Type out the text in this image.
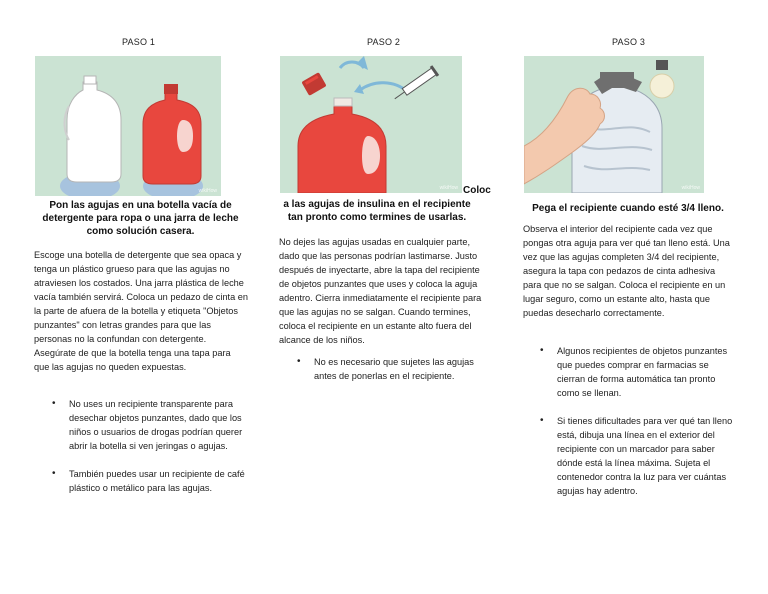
PASO 1
wikiHow
Pon las agujas en una botella vacía de detergente para ropa o una jarra de leche como solución casera.
Escoge una botella de detergente que sea opaca y tenga un plástico grueso para que las agujas no atraviesen los costados. Una jarra plástica de leche vacía también servirá. Coloca un pedazo de cinta en la parte de afuera de la botella y etiqueta "Objetos punzantes" con letras grandes para que las personas no la confundan con detergente. Asegúrate de que la botella tenga una tapa para que las agujas no queden expuestas.
• No uses un recipiente transparente para desechar objetos punzantes, dado que los niños o usuarios de drogas podrían querer abrir la botella si ven jeringas o agujas.
• También puedes usar un recipiente de café plástico o metálico para las agujas.
PASO 2
wikiHow Coloc
a las agujas de insulina en el recipiente tan pronto como termines de usarlas.
No dejes las agujas usadas en cualquier parte, dado que las personas podrían lastimarse. Justo después de inyectarte, abre la tapa del recipiente de objetos punzantes que uses y coloca la aguja adentro. Cierra inmediatamente el recipiente para que las agujas no se salgan. Cuando termines, coloca el recipiente en un estante alto fuera del alcance de los niños.
• No es necesario que sujetes las agujas antes de ponerlas en el recipiente.
PASO 3
wikiHow
Pega el recipiente cuando esté 3/4 lleno.
Observa el interior del recipiente cada vez que pongas otra aguja para ver qué tan lleno está. Una vez que las agujas completen 3/4 del recipiente, asegura la tapa con pedazos de cinta adhesiva para que no se salgan. Coloca el recipiente en un lugar seguro, como un estante alto, hasta que puedas desecharlo correctamente.
• Algunos recipientes de objetos punzantes que puedes comprar en farmacias se cierran de forma automática tan pronto como se llenan.
• Si tienes dificultades para ver qué tan lleno está, dibuja una línea en el exterior del recipiente con un marcador para saber dónde está la línea máxima. Sujeta el contenedor contra la luz para ver cuántas agujas hay adentro.
